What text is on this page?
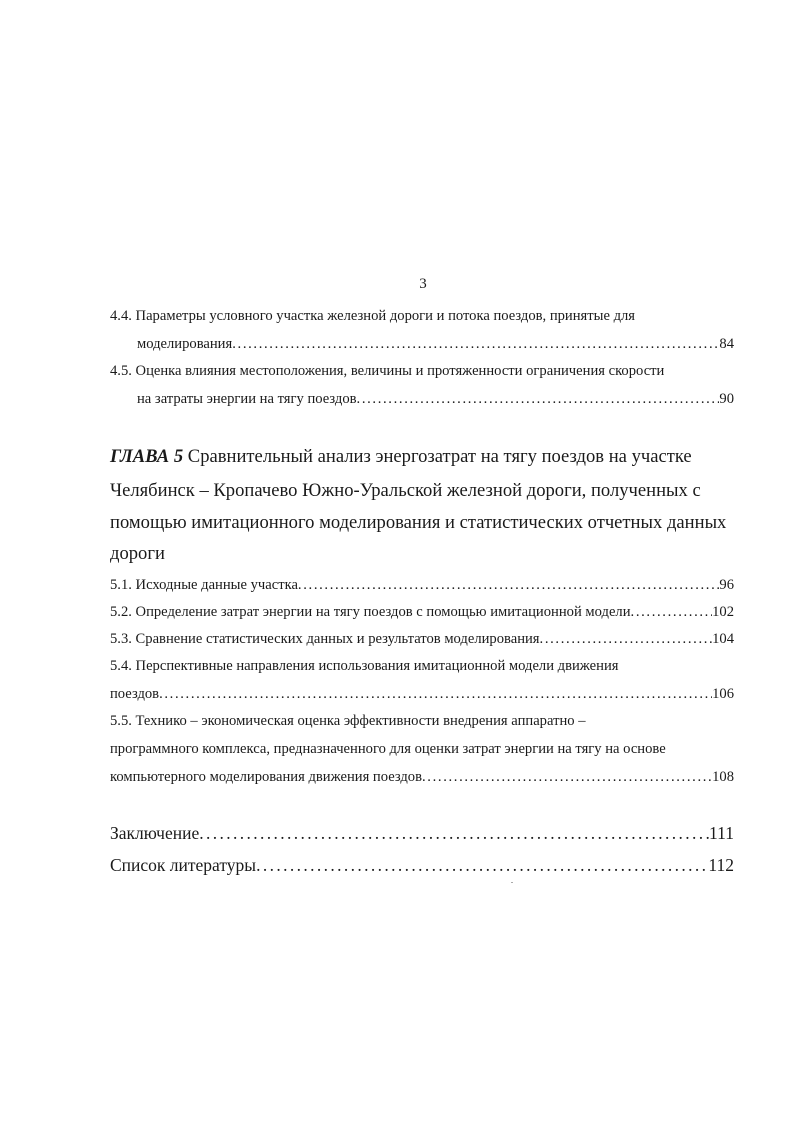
3
4.4. Параметры условного участка железной дороги и потока поездов, принятые для
моделирования . . .	84
4.5. Оценка влияния местоположения, величины и протяженности ограничения скорости
на затраты энергии на тягу поездов . . .	90
ГЛАВА 5 Сравнительный анализ энергозатрат на тягу поездов на участке
Челябинск – Кропачево Южно-Уральской железной дороги, полученных с
помощью имитационного моделирования и статистических отчетных данных
дороги
5.1. Исходные данные участка . . .	96
5.2. Определение затрат энергии на тягу поездов с помощью имитационной модели . . .	102
5.3. Сравнение статистических данных и результатов моделирования . . .	104
5.4. Перспективные направления использования имитационной модели движения
поездов . . .	106
5.5. Технико – экономическая оценка эффективности внедрения аппаратно –
программного комплекса, предназначенного для оценки затрат энергии на тягу на основе
компьютерного моделирования движения поездов . . .	108
Заключение . . .	111
Список литературы . . .	112
